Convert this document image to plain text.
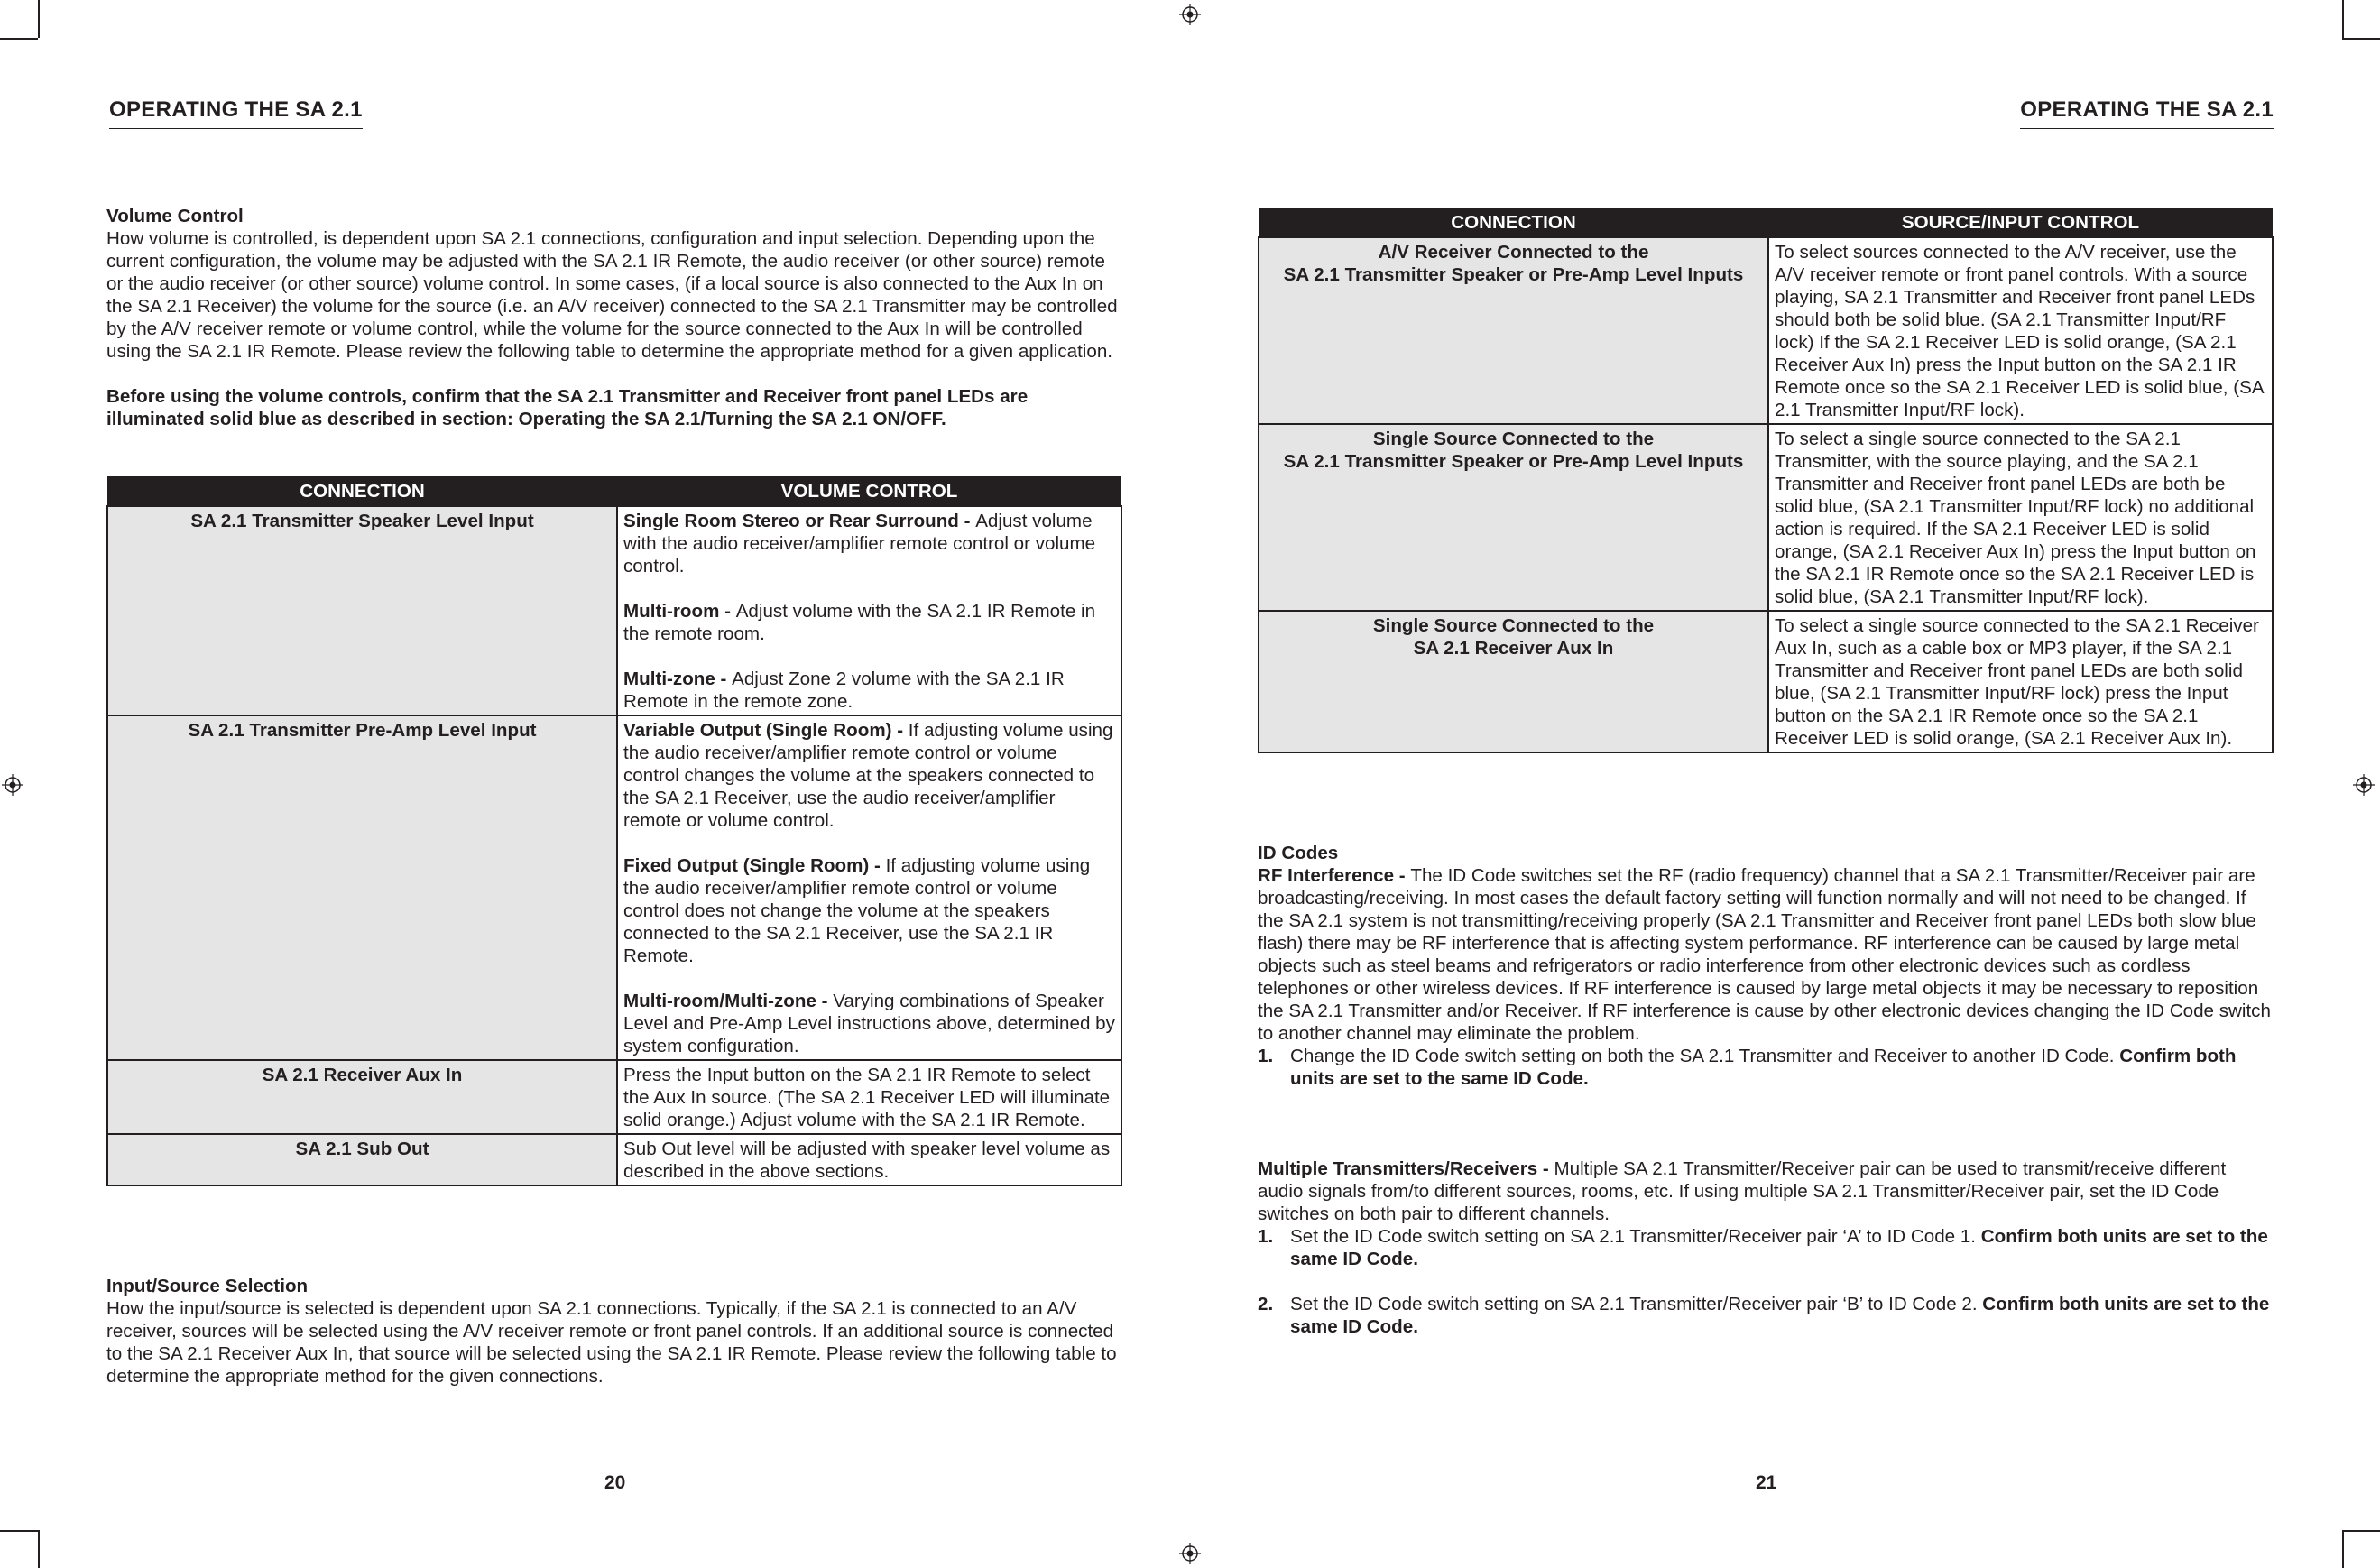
OPERATING THE SA 2.1

Volume Control

How volume is controlled, is dependent upon SA 2.1 connections, configuration and input selection. Depending upon the current configuration, the volume may be adjusted with the SA 2.1 IR Remote, the audio receiver (or other source) remote or the audio receiver (or other source) volume control. In some cases, (if a local source is also connected to the Aux In on the SA 2.1 Receiver) the volume for the source (i.e. an A/V receiver) connected to the SA 2.1 Transmitter may be controlled by the A/V receiver remote or volume control, while the volume for the source connected to the Aux In will be controlled using the SA 2.1 IR Remote. Please review the following table to determine the appropriate method for a given application.

Before using the volume controls, confirm that the SA 2.1 Transmitter and Receiver front panel LEDs are illuminated solid blue as described in section: Operating the SA 2.1/Turning the SA 2.1 ON/OFF.

CONNECTION	VOLUME CONTROL
SA 2.1 Transmitter Speaker Level Input	Single Room Stereo or Rear Surround - Adjust volume with the audio receiver/amplifier remote control or volume control.

Multi-room - Adjust volume with the SA 2.1 IR Remote in the remote room.

Multi-zone - Adjust Zone 2 volume with the SA 2.1 IR Remote in the remote zone.

SA 2.1 Transmitter Pre-Amp Level Input	Variable Output (Single Room) - If adjusting volume using the audio receiver/amplifier remote control or volume control changes the volume at the speakers connected to the SA 2.1 Receiver, use the audio receiver/amplifier remote or volume control.

Fixed Output (Single Room) - If adjusting volume using the audio receiver/amplifier remote control or volume control does not change the volume at the speakers connected to the SA 2.1 Receiver, use the SA 2.1 IR Remote.

Multi-room/Multi-zone - Varying combinations of Speaker Level and Pre-Amp Level instructions above, determined by system configuration.

SA 2.1 Receiver Aux In	Press the Input button on the SA 2.1 IR Remote to select the Aux In source. (The SA 2.1 Receiver LED will illuminate solid orange.) Adjust volume with the SA 2.1 IR Remote.
SA 2.1 Sub Out	Sub Out level will be adjusted with speaker level volume as described in the above sections.

Input/Source Selection

How the input/source is selected is dependent upon SA 2.1 connections. Typically, if the SA 2.1 is connected to an A/V receiver, sources will be selected using the A/V receiver remote or front panel controls. If an additional source is connected to the SA 2.1 Receiver Aux In, that source will be selected using the SA 2.1 IR Remote. Please review the following table to determine the appropriate method for the given connections.

20
OPERATING THE SA 2.1
CONNECTION	SOURCE/INPUT CONTROL

A/V Receiver Connected to the
SA 2.1 Transmitter Speaker or Pre-Amp Level Inputs	To select sources connected to the A/V receiver, use the A/V receiver remote or front panel controls. With a source playing, SA 2.1 Transmitter and Receiver front panel LEDs should both be solid blue. (SA 2.1 Transmitter Input/RF lock) If the SA 2.1 Receiver LED is solid orange, (SA 2.1 Receiver Aux In) press the Input button on the SA 2.1 IR Remote once so the SA 2.1 Receiver LED is solid blue, (SA 2.1 Transmitter Input/RF lock).

Single Source Connected to the
SA 2.1 Transmitter Speaker or Pre-Amp Level Inputs	To select a single source connected to the SA 2.1 Transmitter, with the source playing, and the SA 2.1 Transmitter and Receiver front panel LEDs are both be solid blue, (SA 2.1 Transmitter Input/RF lock) no additional action is required. If the SA 2.1 Receiver LED is solid orange, (SA 2.1 Receiver Aux In) press the Input button on the SA 2.1 IR Remote once so the SA 2.1 Receiver LED is solid blue, (SA 2.1 Transmitter Input/RF lock).

Single Source Connected to the
SA 2.1 Receiver Aux In	To select a single source connected to the SA 2.1 Receiver Aux In, such as a cable box or MP3 player, if the SA 2.1 Transmitter and Receiver front panel LEDs are both solid blue, (SA 2.1 Transmitter Input/RF lock) press the Input button on the SA 2.1 IR Remote once so the SA 2.1 Receiver LED is solid orange, (SA 2.1 Receiver Aux In).

ID Codes

RF Interference - The ID Code switches set the RF (radio frequency) channel that a SA 2.1 Transmitter/Receiver pair are broadcasting/receiving. In most cases the default factory setting will function normally and will not need to be changed. If the SA 2.1 system is not transmitting/receiving properly (SA 2.1 Transmitter and Receiver front panel LEDs both slow blue flash) there may be RF interference that is affecting system performance. RF interference can be caused by large metal objects such as steel beams and refrigerators or radio interference from other electronic devices such as cordless telephones or other wireless devices. If RF interference is caused by large metal objects it may be necessary to reposition the SA 2.1 Transmitter and/or Receiver. If RF interference is cause by other electronic devices changing the ID Code switch to another channel may eliminate the problem.

1. Change the ID Code switch setting on both the SA 2.1 Transmitter and Receiver to another ID Code. Confirm both units are set to the same ID Code.

Multiple Transmitters/Receivers - Multiple SA 2.1 Transmitter/Receiver pair can be used to transmit/receive different audio signals from/to different sources, rooms, etc. If using multiple SA 2.1 Transmitter/Receiver pair, set the ID Code switches on both pair to different channels.

1. Set the ID Code switch setting on SA 2.1 Transmitter/Receiver pair ‘A’ to ID Code 1. Confirm both units are set to the same ID Code.
2. Set the ID Code switch setting on SA 2.1 Transmitter/Receiver pair ‘B’ to ID Code 2. Confirm both units are set to the same ID Code.
21
